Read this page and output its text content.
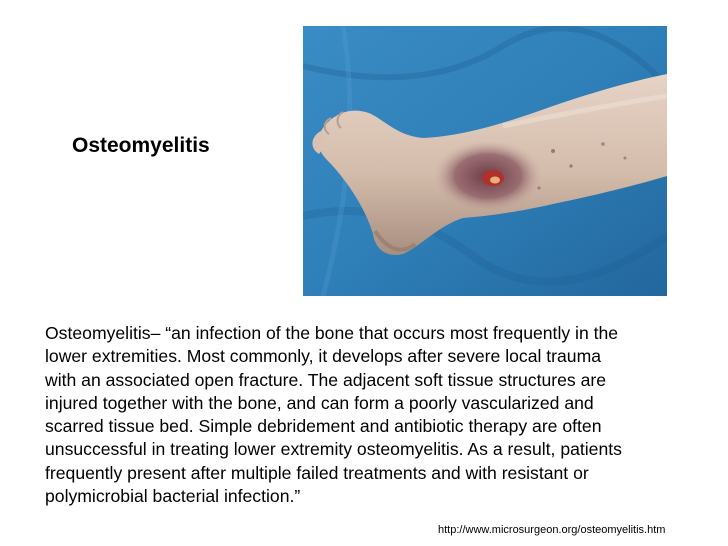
Osteomyelitis
Osteomyelitis– “an infection of the bone that occurs most frequently in the
lower extremities. Most commonly, it develops after severe local trauma
with an associated open fracture. The adjacent soft tissue structures are
injured together with the bone, and can form a poorly vascularized and
scarred tissue bed. Simple debridement and antibiotic therapy are often
unsuccessful in treating lower extremity osteomyelitis. As a result, patients
frequently present after multiple failed treatments and with resistant or
polymicrobial bacterial infection.”
http://www.microsurgeon.org/osteomyelitis.htm
